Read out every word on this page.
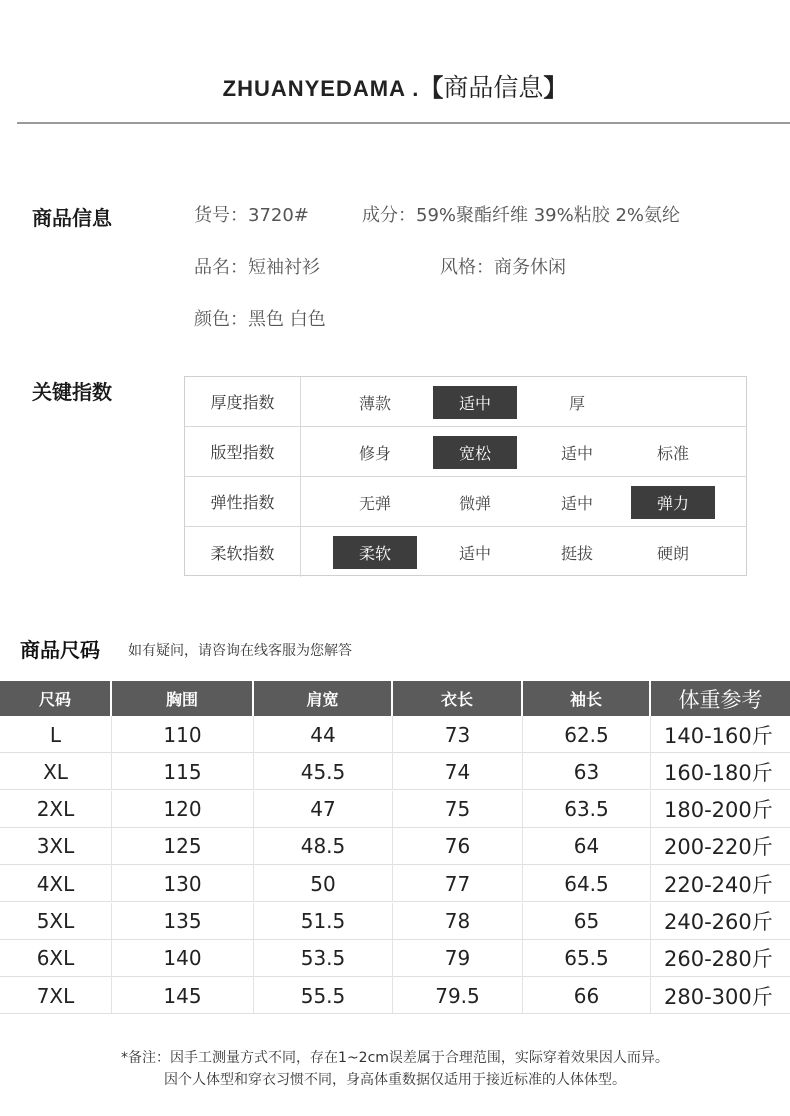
ZHUANYEDAMA .【商品信息】
商品信息	货号：3720#	成分：59%聚酯纤维 39%粘胶 2%氨纶
品名：短袖衬衫	风格：商务休闲
颜色：黑色 白色
关键指数	厚度指数	薄款	适中	厚
版型指数	修身	宽松	适中	标准
弹性指数	无弹	微弹	适中	弹力
柔软指数	柔软	适中	挺拔	硬朗
商品尺码 如有疑问，请咨询在线客服为您解答
尺码	胸围	肩宽	衣长	袖长	体重参考
L	110	44	73	62.5	140-160斤
XL	115	45.5	74	63	160-180斤
2XL	120	47	75	63.5	180-200斤
3XL	125	48.5	76	64	200-220斤
4XL	130	50	77	64.5	220-240斤
5XL	135	51.5	78	65	240-260斤
6XL	140	53.5	79	65.5	260-280斤
7XL	145	55.5	79.5	66	280-300斤
*备注：因手工测量方式不同，存在1~2cm误差属于合理范围，实际穿着效果因人而异。
因个人体型和穿衣习惯不同，身高体重数据仅适用于接近标准的人体体型。
